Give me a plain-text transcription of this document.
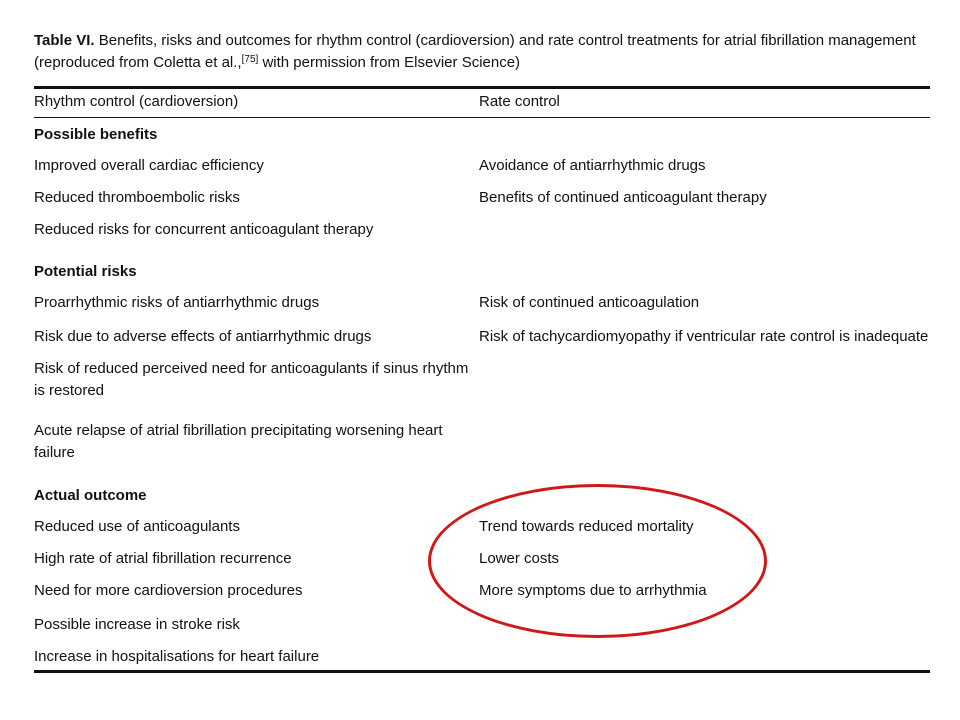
Table VI. Benefits, risks and outcomes for rhythm control (cardioversion) and rate control treatments for atrial fibrillation management
(reproduced from Coletta et al.,[75] with permission from Elsevier Science)
Rhythm control (cardioversion)	Rate control
Possible benefits
Improved overall cardiac efficiency	Avoidance of antiarrhythmic drugs
Reduced thromboembolic risks	Benefits of continued anticoagulant therapy
Reduced risks for concurrent anticoagulant therapy
Potential risks
Proarrhythmic risks of antiarrhythmic drugs	Risk of continued anticoagulation
Risk due to adverse effects of antiarrhythmic drugs	Risk of tachycardiomyopathy if ventricular rate control is inadequate
Risk of reduced perceived need for anticoagulants if sinus rhythm is restored
Acute relapse of atrial fibrillation precipitating worsening heart failure
Actual outcome
Reduced use of anticoagulants	Trend towards reduced mortality
High rate of atrial fibrillation recurrence	Lower costs
Need for more cardioversion procedures	More symptoms due to arrhythmia
Possible increase in stroke risk
Increase in hospitalisations for heart failure
